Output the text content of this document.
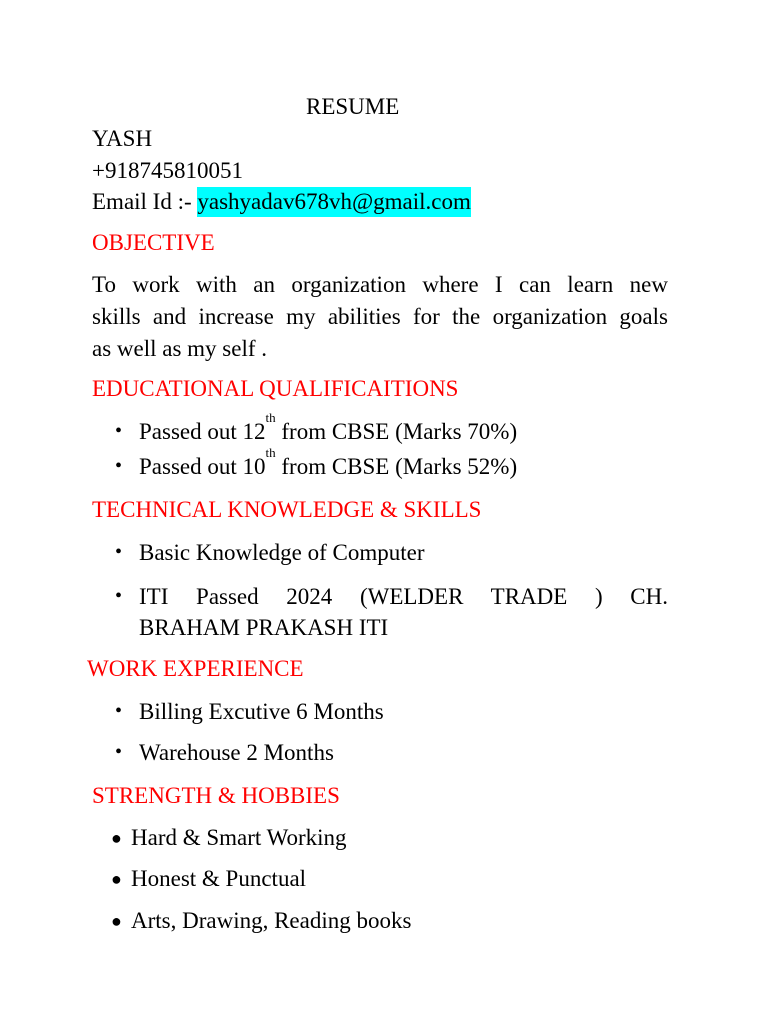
RESUME
YASH
+918745810051
Email Id :- yashyadav678vh@gmail.com
OBJECTIVE
To work with an organization where I can learn new
skills and increase my abilities for the organization goals
as well as my self .
EDUCATIONAL QUALIFICAITIONS
• Passed out 12th from CBSE (Marks 70%)
• Passed out 10th from CBSE (Marks 52%)
TECHNICAL KNOWLEDGE & SKILLS
• Basic Knowledge of Computer
• ITI Passed 2024 (WELDER TRADE ) CH.
BRAHAM PRAKASH ITI
WORK EXPERIENCE
• Billing Excutive 6 Months
• Warehouse 2 Months
STRENGTH & HOBBIES
● Hard & Smart Working
● Honest & Punctual
● Arts, Drawing, Reading books
